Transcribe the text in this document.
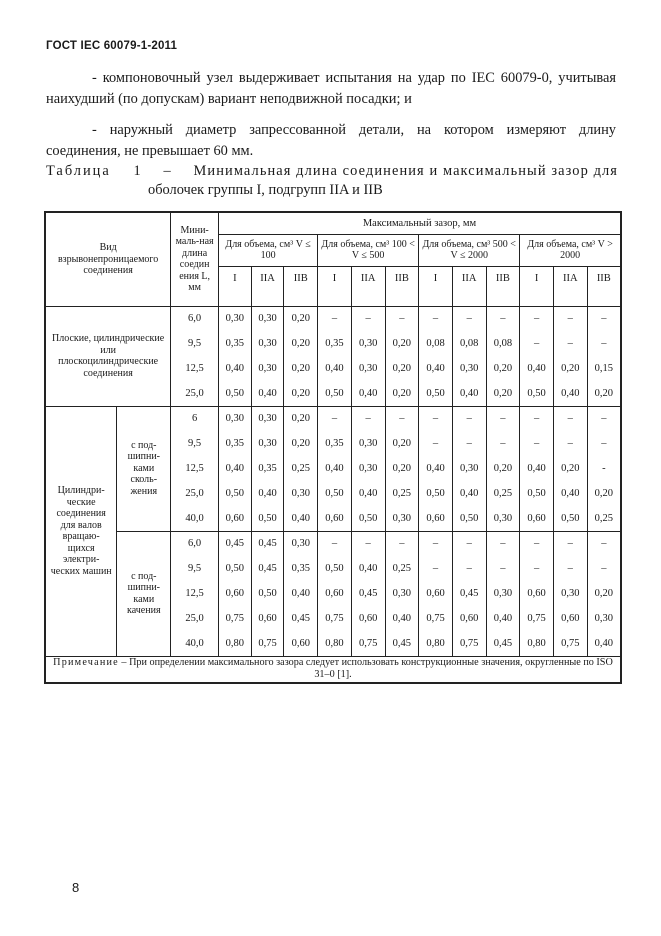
ГОСТ IEC 60079-1-2011
- компоновочный узел выдерживает испытания на удар по IEC 60079-0, учитывая наихудший (по допускам) вариант неподвижной посадки; и
- наружный диаметр запрессованной детали, на котором измеряют длину соединения, не превышает 60 мм.
Таблица 1 – Минимальная длина соединения и максимальный зазор для
оболочек группы I, подгрупп IIA и IIB
Вид взрывонепроницаемого соединения		Мини-маль-ная длина соедин ения L, мм	Максимальный зазор, мм											
			Для объема, см³ V ≤ 100			Для объема, см³ 100 < V ≤ 500			Для объема, см³ 500 < V ≤ 2000			Для объема, см³ V > 2000		
			I	IIA	IIB	I	IIA	IIB	I	IIA	IIB	I	IIA	IIB
Плоские, цилиндрические или плоскоцилиндрические соединения		6,0	0,30	0,30	0,20	–	–	–	–	–	–	–	–	–
		9,5	0,35	0,30	0,20	0,35	0,30	0,20	0,08	0,08	0,08	–	–	–
		12,5	0,40	0,30	0,20	0,40	0,30	0,20	0,40	0,30	0,20	0,40	0,20	0,15
		25,0	0,50	0,40	0,20	0,50	0,40	0,20	0,50	0,40	0,20	0,50	0,40	0,20
Цилиндри-ческие соединения для валов вращаю-щихся электри-ческих машин	с под-шипни-ками сколь-жения	6	0,30	0,30	0,20	–	–	–	–	–	–	–	–	–
		9,5	0,35	0,30	0,20	0,35	0,30	0,20	–	–	–	–	–	–
		12,5	0,40	0,35	0,25	0,40	0,30	0,20	0,40	0,30	0,20	0,40	0,20	-
		25,0	0,50	0,40	0,30	0,50	0,40	0,25	0,50	0,40	0,25	0,50	0,40	0,20
		40,0	0,60	0,50	0,40	0,60	0,50	0,30	0,60	0,50	0,30	0,60	0,50	0,25
	с под-шипни-ками качения	6,0	0,45	0,45	0,30	–	–	–	–	–	–	–	–	–
		9,5	0,50	0,45	0,35	0,50	0,40	0,25	–	–	–	–	–	–
		12,5	0,60	0,50	0,40	0,60	0,45	0,30	0,60	0,45	0,30	0,60	0,30	0,20
		25,0	0,75	0,60	0,45	0,75	0,60	0,40	0,75	0,60	0,40	0,75	0,60	0,30
		40,0	0,80	0,75	0,60	0,80	0,75	0,45	0,80	0,75	0,45	0,80	0,75	0,40
Примечание – При определении максимального зазора следует использовать конструкционные значения, округленные по ISO 31–0 [1].														
8
